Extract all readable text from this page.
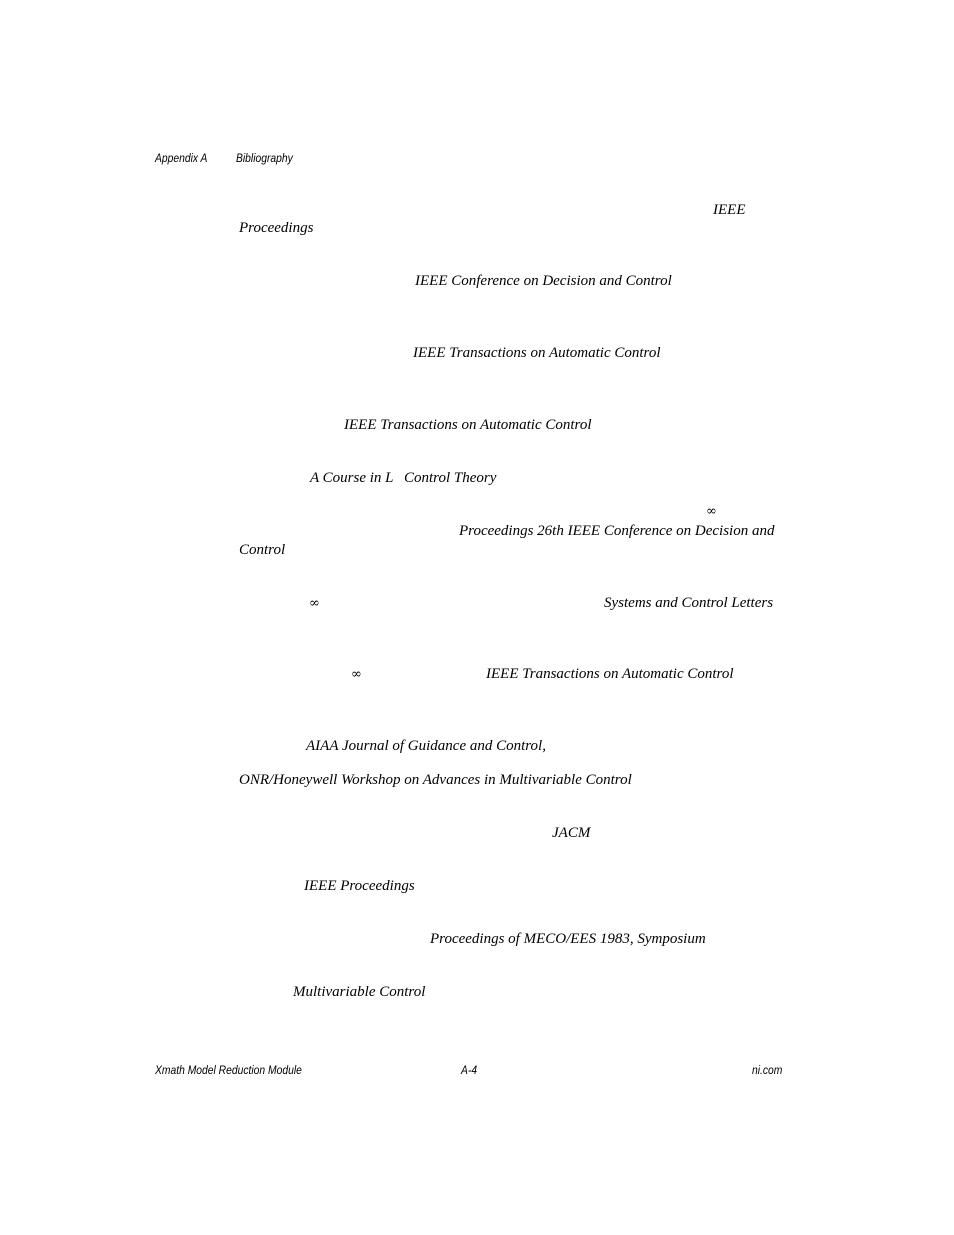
Appendix A Bibliography
IEEE
Proceedings
IEEE Conference on Decision and Control
IEEE Transactions on Automatic Control
IEEE Transactions on Automatic Control
A Course in L Control Theory
∞
Proceedings 26th IEEE Conference on Decision and
Control
∞	Systems and Control Letters
∞	IEEE Transactions on Automatic Control
AIAA Journal of Guidance and Control,
ONR/Honeywell Workshop on Advances in Multivariable Control
JACM
IEEE Proceedings
Proceedings of MECO/EES 1983, Symposium
Multivariable Control
Xmath Model Reduction Module	A-4	ni.com
